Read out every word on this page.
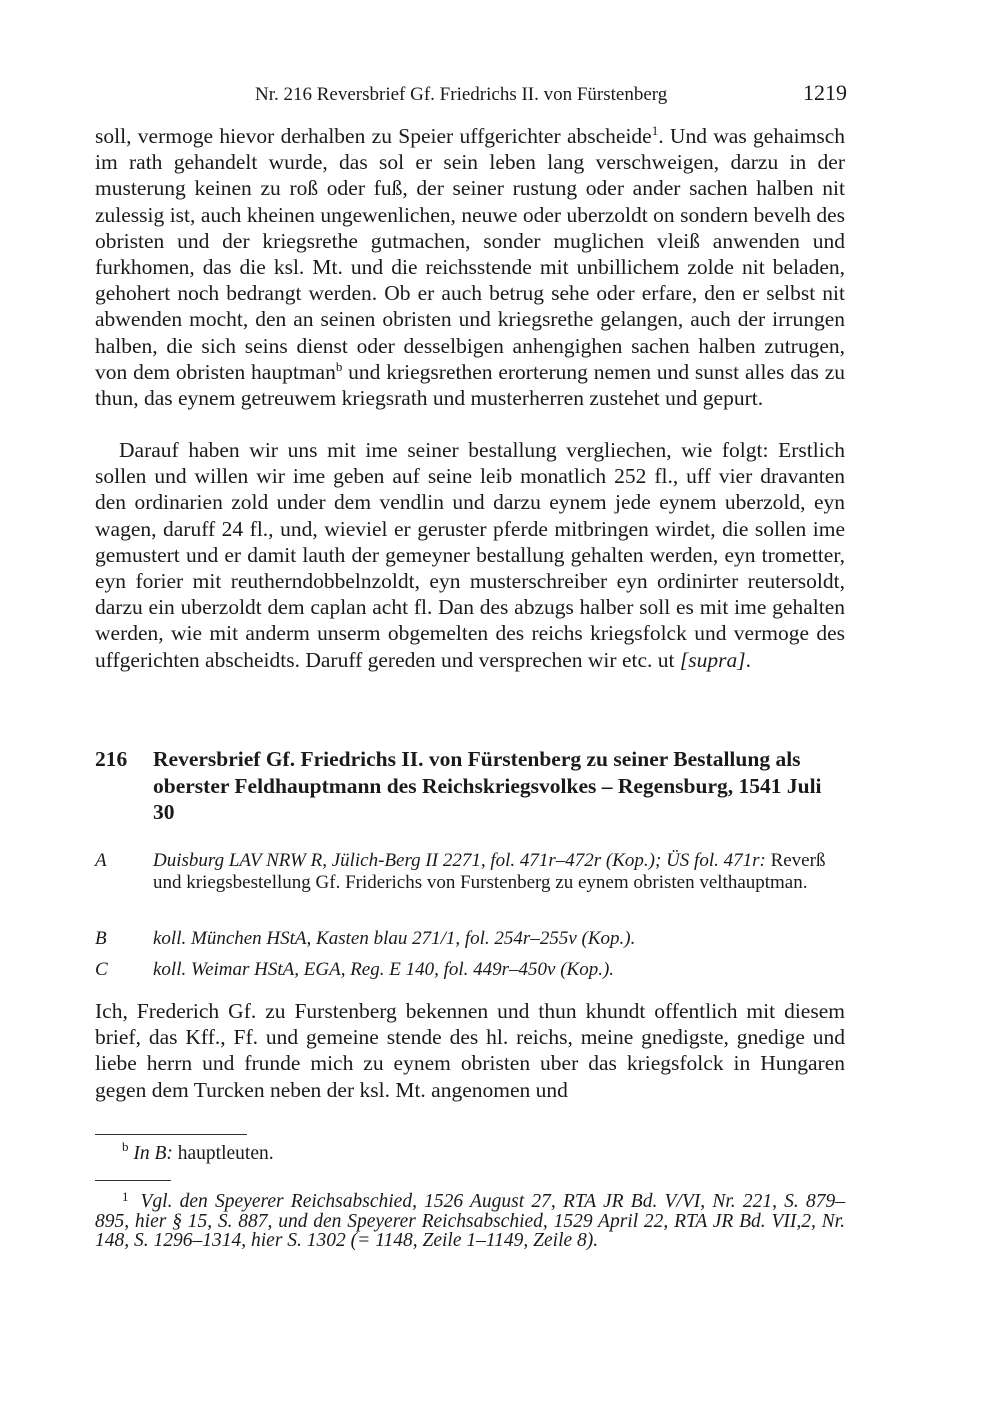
Nr. 216 Reversbrief Gf. Friedrichs II. von Fürstenberg	1219
soll, vermoge hievor derhalben zu Speier uffgerichter abscheide$^1$. Und was gehaimsch im rath gehandelt wurde, das sol er sein leben lang verschweigen, darzu in der musterung keinen zu roß oder fuß, der seiner rustung oder ander sachen halben nit zulessig ist, auch kheinen ungewenlichen, neuwe oder uberzoldt on sondern bevelh des obristen und der kriegsrethe gutmachen, sonder muglichen vleiß anwenden und furkhomen, das die ksl. Mt. und die reichsstende mit unbillichem zolde nit beladen, gehohert noch bedrangt werden. Ob er auch betrug sehe oder erfare, den er selbst nit abwenden mocht, den an seinen obristen und kriegsrethe gelangen, auch der irrungen halben, die sich seins dienst oder desselbigen anhengighen sachen halben zutrugen, von dem obristen hauptman$^b$ und kriegsrethen erorterung nemen und sunst alles das zu thun, das eynem getreuwem kriegsrath und musterherren zustehet und gepurt.
Darauf haben wir uns mit ime seiner bestallung vergliechen, wie folgt: Erstlich sollen und willen wir ime geben auf seine leib monatlich 252 fl., uff vier dravanten den ordinarien zold under dem vendlin und darzu eynem jede eynem uberzold, eyn wagen, daruff 24 fl., und, wieviel er geruster pferde mitbringen wirdet, die sollen ime gemustert und er damit lauth der gemeyner bestallung gehalten werden, eyn trometter, eyn forier mit reutherndobbelnzoldt, eyn musterschreiber eyn ordinirter reutersoldt, darzu ein uberzoldt dem caplan acht fl. Dan des abzugs halber soll es mit ime gehalten werden, wie mit anderm unserm obgemelten des reichs kriegsfolck und vermoge des uffgerichten abscheidts. Daruff gereden und versprechen wir etc. ut [supra].
216 Reversbrief Gf. Friedrichs II. von Fürstenberg zu seiner Bestallung als oberster Feldhauptmann des Reichskriegsvolkes – Regensburg, 1541 Juli 30
A Duisburg LAV NRW R, Jülich-Berg II 2271, fol. 471r–472r (Kop.); ÜS fol. 471r: Reverß und kriegsbestellung Gf. Friderichs von Furstenberg zu eynem obristen velthauptman.
B koll. München HStA, Kasten blau 271/1, fol. 254r–255v (Kop.).
C koll. Weimar HStA, EGA, Reg. E 140, fol. 449r–450v (Kop.).
Ich, Frederich Gf. zu Furstenberg bekennen und thun khundt offentlich mit diesem brief, das Kff., Ff. und gemeine stende des hl. reichs, meine gnedigste, gnedige und liebe herrn und frunde mich zu eynem obristen uber das kriegsfolck in Hungaren gegen dem Turcken neben der ksl. Mt. angenomen und
$^b$ In B: hauptleuten.
$^1$ Vgl. den Speyerer Reichsabschied, 1526 August 27, RTA JR Bd. V/VI, Nr. 221, S. 879–895, hier § 15, S. 887, und den Speyerer Reichsabschied, 1529 April 22, RTA JR Bd. VII,2, Nr. 148, S. 1296–1314, hier S. 1302 (= 1148, Zeile 1–1149, Zeile 8).
